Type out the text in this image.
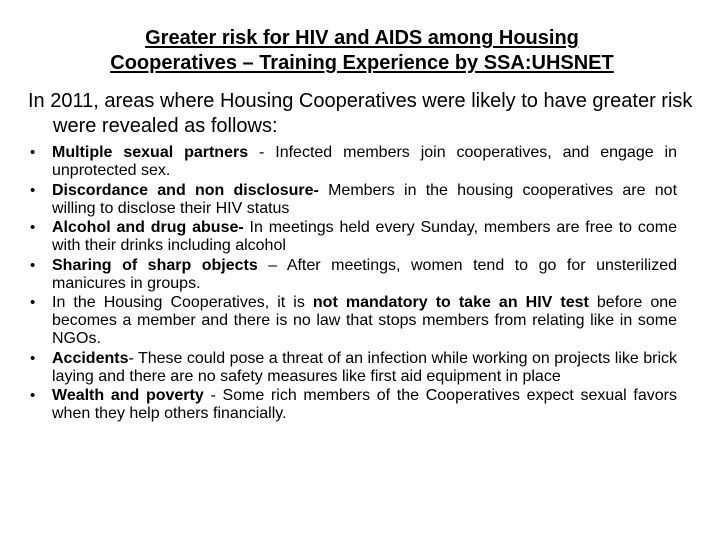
Greater risk for HIV and AIDS among Housing
Cooperatives – Training Experience by SSA:UHSNET
In 2011, areas where Housing Cooperatives were likely to have greater risk were revealed as follows:
• Multiple sexual partners - Infected members join cooperatives, and engage in unprotected sex.
• Discordance and non disclosure- Members in the housing cooperatives are not willing to disclose their HIV status
• Alcohol and drug abuse- In meetings held every Sunday, members are free to come with their drinks including alcohol
• Sharing of sharp objects – After meetings, women tend to go for unsterilized manicures in groups.
• In the Housing Cooperatives, it is not mandatory to take an HIV test before one becomes a member and there is no law that stops members from relating like in some NGOs.
• Accidents- These could pose a threat of an infection while working on projects like brick laying and there are no safety measures like first aid equipment in place
• Wealth and poverty - Some rich members of the Cooperatives expect sexual favors when they help others financially.
